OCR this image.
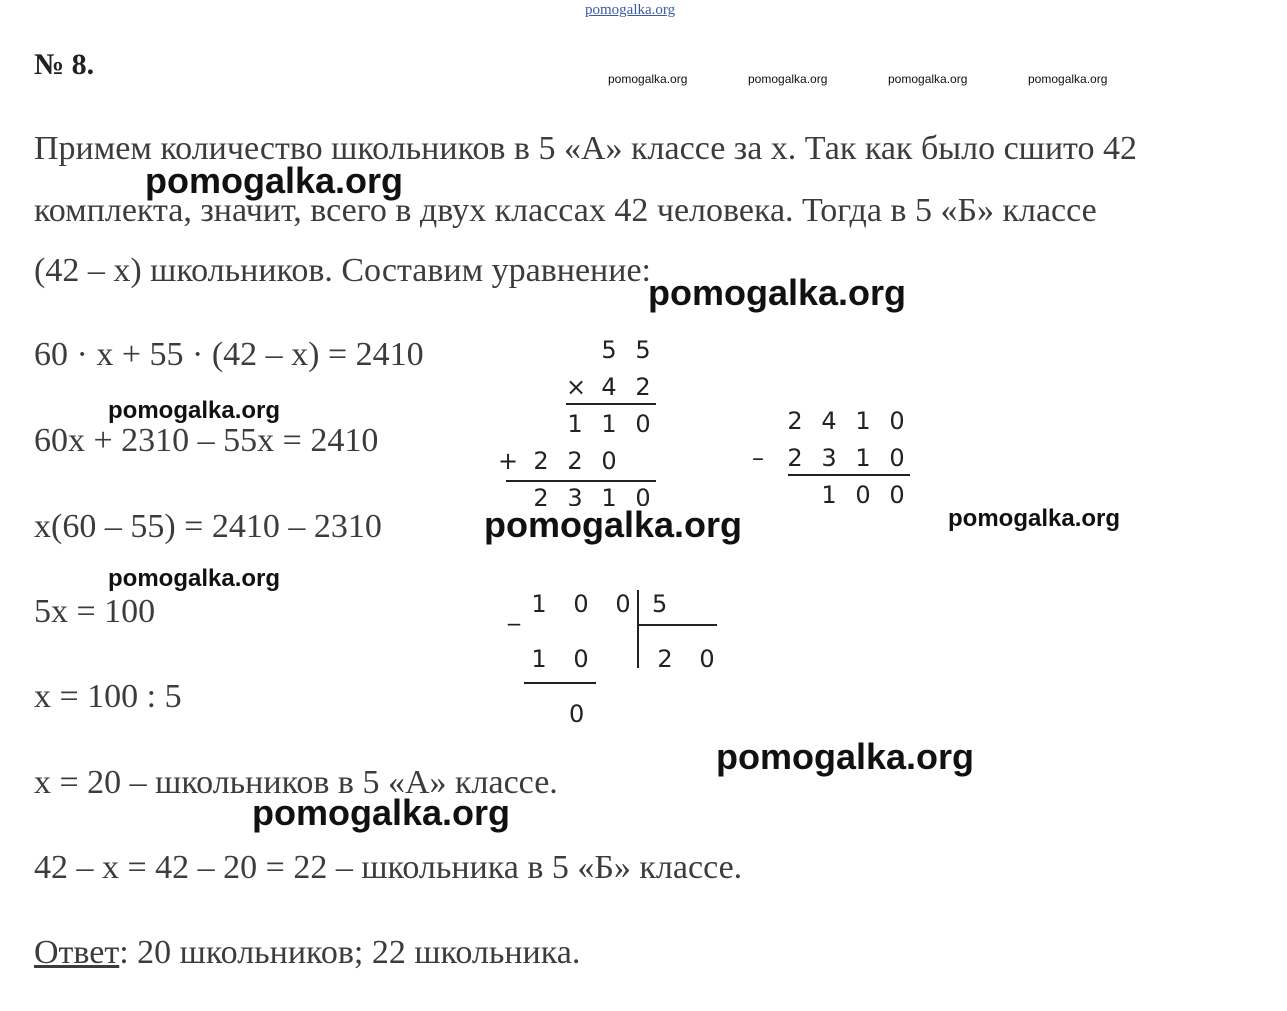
pomogalka.org
№ 8.	pomogalka.org	pomogalka.org	pomogalka.org	pomogalka.org
Примем количество школьников в 5 «А» классе за x. Так как было сшито 42
комплекта, значит, всего в двух классах 42 человека. Тогда в 5 «Б» классе
(42 – x) школьников. Составим уравнение:
60 · x + 55 · (42 – x) = 2410
60x + 2310 – 55x = 2410
x(60 – 55) = 2410 – 2310
5x = 100
x = 100 : 5
x = 20 – школьников в 5 «А» классе.
42 – x = 42 – 20 = 22 – школьника в 5 «Б» классе.
Ответ: 20 школьников; 22 школьника.
5 5
× 4 2
1 1 0
+ 2 2 0
2 3 1 0
2 4 1 0
– 2 3 1 0
1 0 0
_ 1 0 0 5
1 0	2 0
0
pomogalka.org
pomogalka.org
pomogalka.org
pomogalka.org
pomogalka.org
pomogalka.org
pomogalka.org
pomogalka.org
